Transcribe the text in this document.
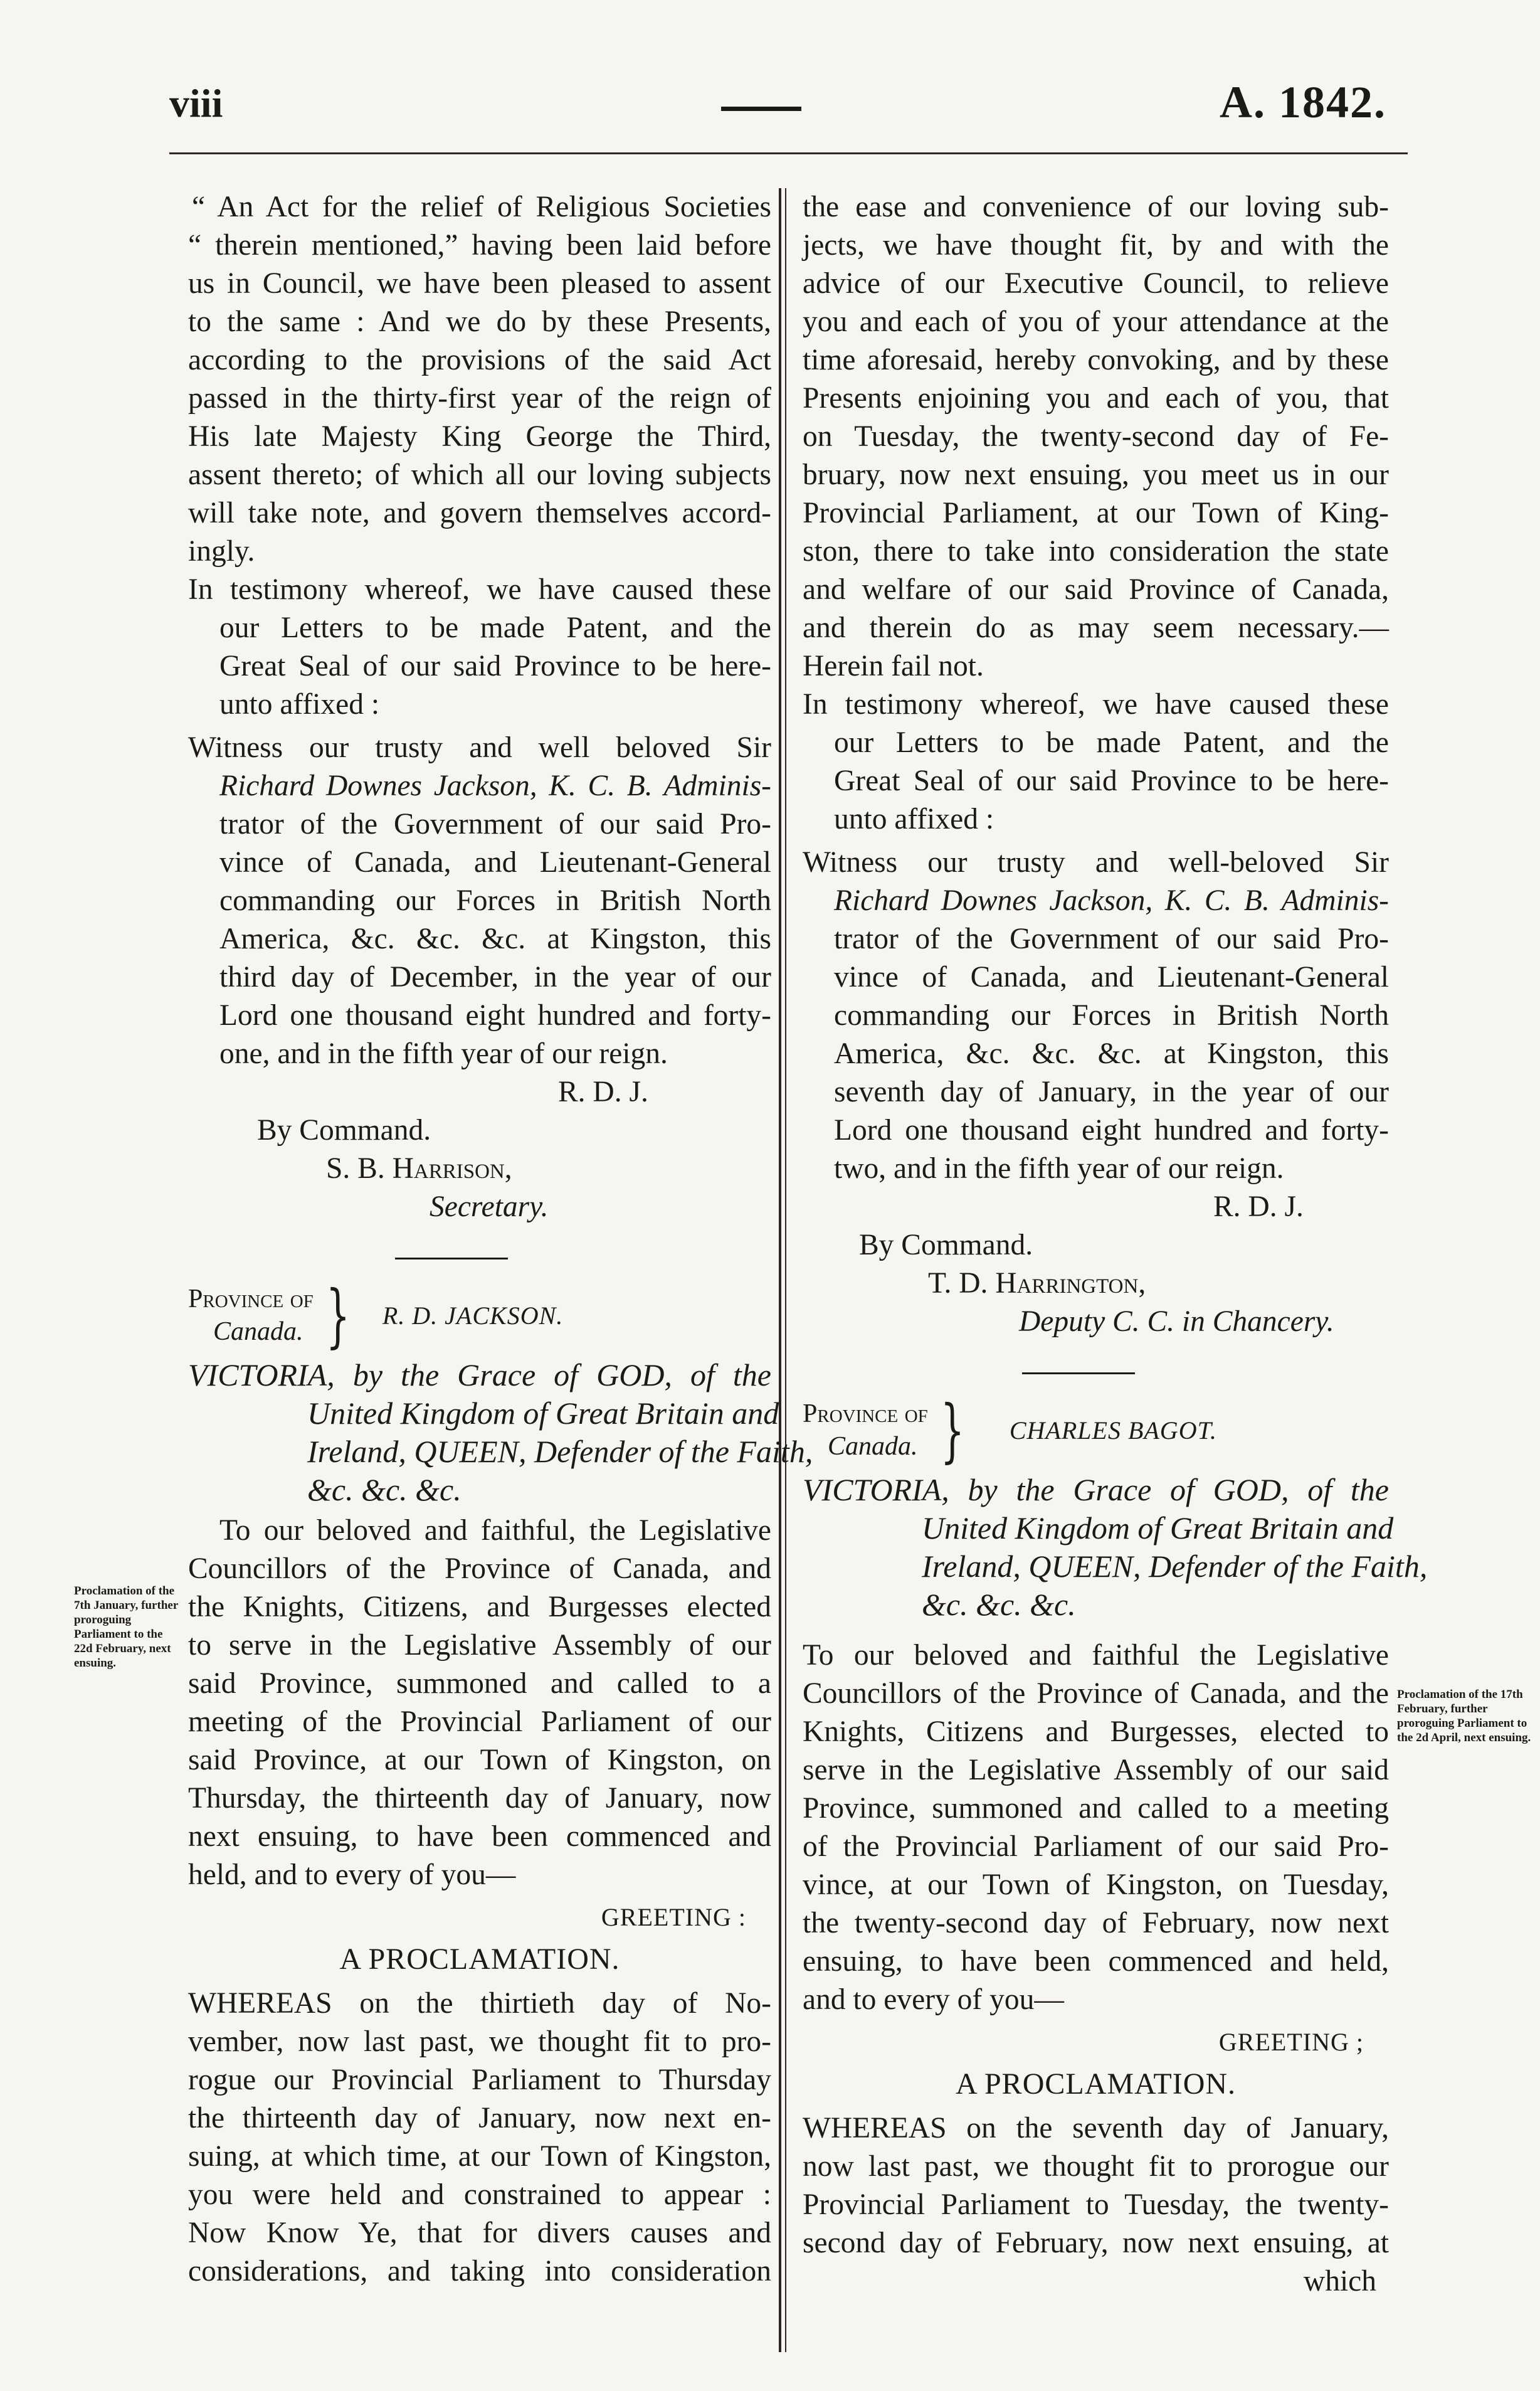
viii	A. 1842.
“ An Act for the relief of Religious Societies
“ therein mentioned,” having been laid before
us in Council, we have been pleased to assent
to the same : And we do by these Presents,
according to the provisions of the said Act
passed in the thirty-first year of the reign of
His late Majesty King George the Third,
assent thereto; of which all our loving subjects
will take note, and govern themselves accord-
ingly.
In testimony whereof, we have caused these
our Letters to be made Patent, and the
Great Seal of our said Province to be here-
unto affixed :
Witness our trusty and well beloved Sir
Richard Downes Jackson, K. C. B. Adminis-
trator of the Government of our said Pro-
vince of Canada, and Lieutenant-General
commanding our Forces in British North
America, &c. &c. &c. at Kingston, this
third day of December, in the year of our
Lord one thousand eight hundred and forty-
one, and in the fifth year of our reign.
R. D. J.
By Command.
S. B. Harrison,
Secretary.
Province of
Canada. } R. D. JACKSON.
VICTORIA, by the Grace of GOD, of the
United Kingdom of Great Britain and
Ireland, QUEEN, Defender of the Faith,
&c. &c. &c.
To our beloved and faithful, the Legislative
Councillors of the Province of Canada, and
the Knights, Citizens, and Burgesses elected
to serve in the Legislative Assembly of our
said Province, summoned and called to a
meeting of the Provincial Parliament of our
said Province, at our Town of Kingston, on
Thursday, the thirteenth day of January, now
next ensuing, to have been commenced and
held, and to every of you—
GREETING :
A PROCLAMATION.
WHEREAS on the thirtieth day of No-
vember, now last past, we thought fit to pro-
rogue our Provincial Parliament to Thursday
the thirteenth day of January, now next en-
suing, at which time, at our Town of Kingston,
you were held and constrained to appear :
Now Know Ye, that for divers causes and
considerations, and taking into consideration
Proclamation of the 7th January, further proroguing Parliament to the 22d February, next ensuing.
the ease and convenience of our loving sub-
jects, we have thought fit, by and with the
advice of our Executive Council, to relieve
you and each of you of your attendance at the
time aforesaid, hereby convoking, and by these
Presents enjoining you and each of you, that
on Tuesday, the twenty-second day of Fe-
bruary, now next ensuing, you meet us in our
Provincial Parliament, at our Town of King-
ston, there to take into consideration the state
and welfare of our said Province of Canada,
and therein do as may seem necessary.—
Herein fail not.
In testimony whereof, we have caused these
our Letters to be made Patent, and the
Great Seal of our said Province to be here-
unto affixed :
Witness our trusty and well-beloved Sir
Richard Downes Jackson, K. C. B. Adminis-
trator of the Government of our said Pro-
vince of Canada, and Lieutenant-General
commanding our Forces in British North
America, &c. &c. &c. at Kingston, this
seventh day of January, in the year of our
Lord one thousand eight hundred and forty-
two, and in the fifth year of our reign.
R. D. J.
By Command.
T. D. Harrington,
Deputy C. C. in Chancery.
Province of
Canada. } CHARLES BAGOT.
VICTORIA, by the Grace of GOD, of the
United Kingdom of Great Britain and
Ireland, QUEEN, Defender of the Faith,
&c. &c. &c.
To our beloved and faithful the Legislative
Councillors of the Province of Canada, and the
Knights, Citizens and Burgesses, elected to
serve in the Legislative Assembly of our said
Province, summoned and called to a meeting
of the Provincial Parliament of our said Pro-
vince, at our Town of Kingston, on Tuesday,
the twenty-second day of February, now next
ensuing, to have been commenced and held,
and to every of you—
GREETING ;
A PROCLAMATION.
WHEREAS on the seventh day of January,
now last past, we thought fit to prorogue our
Provincial Parliament to Tuesday, the twenty-
second day of February, now next ensuing, at
which
Proclamation of the 17th February, further proroguing Parliament to the 2d April, next ensuing.
